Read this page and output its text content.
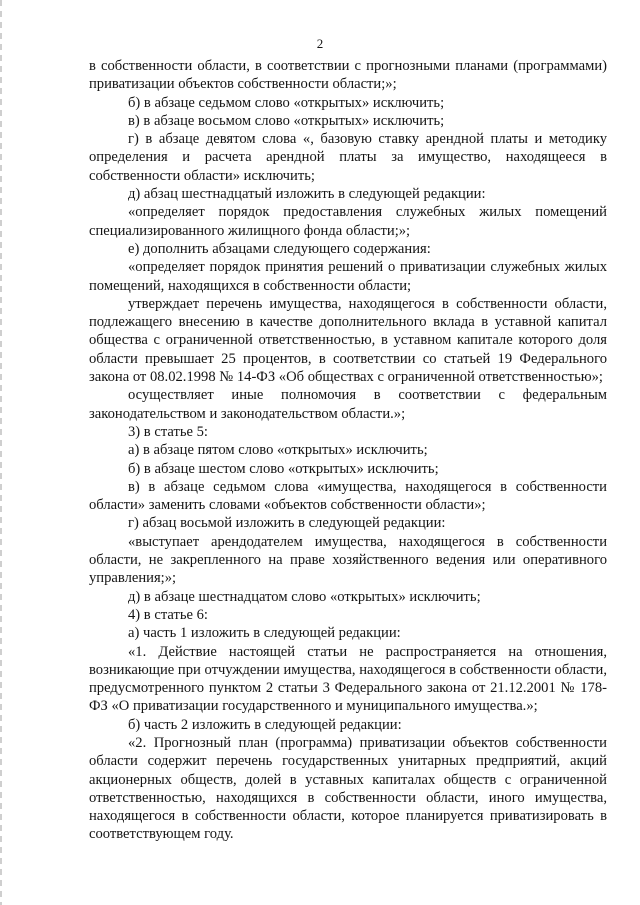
2

в собственности области, в соответствии с прогнозными планами (программами) приватизации объектов собственности области;»;

б) в абзаце седьмом слово «открытых» исключить;

в) в абзаце восьмом слово «открытых» исключить;

г) в абзаце девятом слова «, базовую ставку арендной платы и методику определения и расчета арендной платы за имущество, находящееся в собственности области» исключить;

д) абзац шестнадцатый изложить в следующей редакции:

«определяет порядок предоставления служебных жилых помещений специализированного жилищного фонда области;»;

е) дополнить абзацами следующего содержания:

«определяет порядок принятия решений о приватизации служебных жилых помещений, находящихся в собственности области;

утверждает перечень имущества, находящегося в собственности области, подлежащего внесению в качестве дополнительного вклада в уставной капитал общества с ограниченной ответственностью, в уставном капитале которого доля области превышает 25 процентов, в соответствии со статьей 19 Федерального закона от 08.02.1998 № 14-ФЗ «Об обществах с ограниченной ответственностью»;

осуществляет иные полномочия в соответствии с федеральным законодательством и законодательством области.»;

3) в статье 5:

а) в абзаце пятом слово «открытых» исключить;

б) в абзаце шестом слово «открытых» исключить;

в) в абзаце седьмом слова «имущества, находящегося в собственности области» заменить словами «объектов собственности области»;

г) абзац восьмой изложить в следующей редакции:

«выступает арендодателем имущества, находящегося в собственности области, не закрепленного на праве хозяйственного ведения или оперативного управления;»;

д) в абзаце шестнадцатом слово «открытых» исключить;

4) в статье 6:

а) часть 1 изложить в следующей редакции:

«1. Действие настоящей статьи не распространяется на отношения, возникающие при отчуждении имущества, находящегося в собственности области, предусмотренного пунктом 2 статьи 3 Федерального закона от 21.12.2001 № 178-ФЗ «О приватизации государственного и муниципального имущества.»;

б) часть 2 изложить в следующей редакции:

«2. Прогнозный план (программа) приватизации объектов собственности области содержит перечень государственных унитарных предприятий, акций акционерных обществ, долей в уставных капиталах обществ с ограниченной ответственностью, находящихся в собственности области, иного имущества, находящегося в собственности области, которое планируется приватизировать в соответствующем году.
